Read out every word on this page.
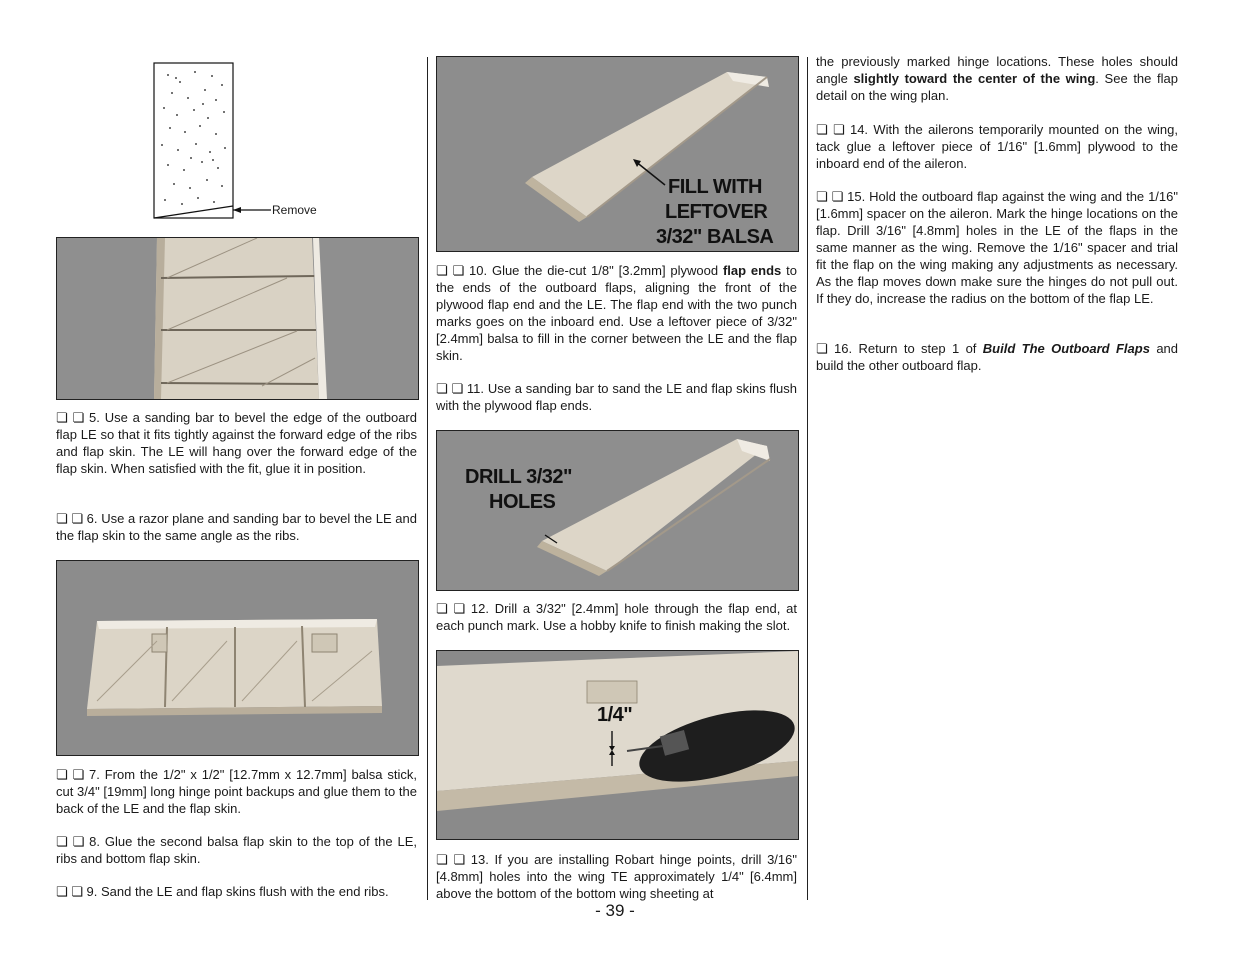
Remove

❏ ❏ 5. Use a sanding bar to bevel the edge of the outboard flap LE so that it fits tightly against the forward edge of the ribs and flap skin. The LE will hang over the forward edge of the flap skin. When satisfied with the fit, glue it in position.

❏ ❏ 6. Use a razor plane and sanding bar to bevel the LE and the flap skin to the same angle as the ribs.

❏ ❏ 7. From the 1/2" x 1/2" [12.7mm x 12.7mm] balsa stick, cut 3/4" [19mm] long hinge point backups and glue them to the back of the LE and the flap skin.

❏ ❏ 8. Glue the second balsa flap skin to the top of the LE, ribs and bottom flap skin.

❏ ❏ 9. Sand the LE and flap skins flush with the end ribs.

FILL WITH
LEFTOVER
3/32" BALSA

❏ ❏ 10. Glue the die-cut 1/8" [3.2mm] plywood flap ends to the ends of the outboard flaps, aligning the front of the plywood flap end and the LE. The flap end with the two punch marks goes on the inboard end. Use a leftover piece of 3/32" [2.4mm] balsa to fill in the corner between the LE and the flap skin.

❏ ❏ 11. Use a sanding bar to sand the LE and flap skins flush with the plywood flap ends.

DRILL 3/32"
HOLES

❏ ❏ 12. Drill a 3/32" [2.4mm] hole through the flap end, at each punch mark. Use a hobby knife to finish making the slot.

1/4"

❏ ❏ 13. If you are installing Robart hinge points, drill 3/16" [4.8mm] holes into the wing TE approximately 1/4" [6.4mm] above the bottom of the bottom wing sheeting at

the previously marked hinge locations. These holes should angle slightly toward the center of the wing. See the flap detail on the wing plan.

❏ ❏ 14. With the ailerons temporarily mounted on the wing, tack glue a leftover piece of 1/16" [1.6mm] plywood to the inboard end of the aileron.

❏ ❏ 15. Hold the outboard flap against the wing and the 1/16" [1.6mm] spacer on the aileron. Mark the hinge locations on the flap. Drill 3/16" [4.8mm] holes in the LE of the flaps in the same manner as the wing. Remove the 1/16" spacer and trial fit the flap on the wing making any adjustments as necessary. As the flap moves down make sure the hinges do not pull out. If they do, increase the radius on the bottom of the flap LE.

❏ 16. Return to step 1 of Build The Outboard Flaps and build the other outboard flap.

- 39 -
